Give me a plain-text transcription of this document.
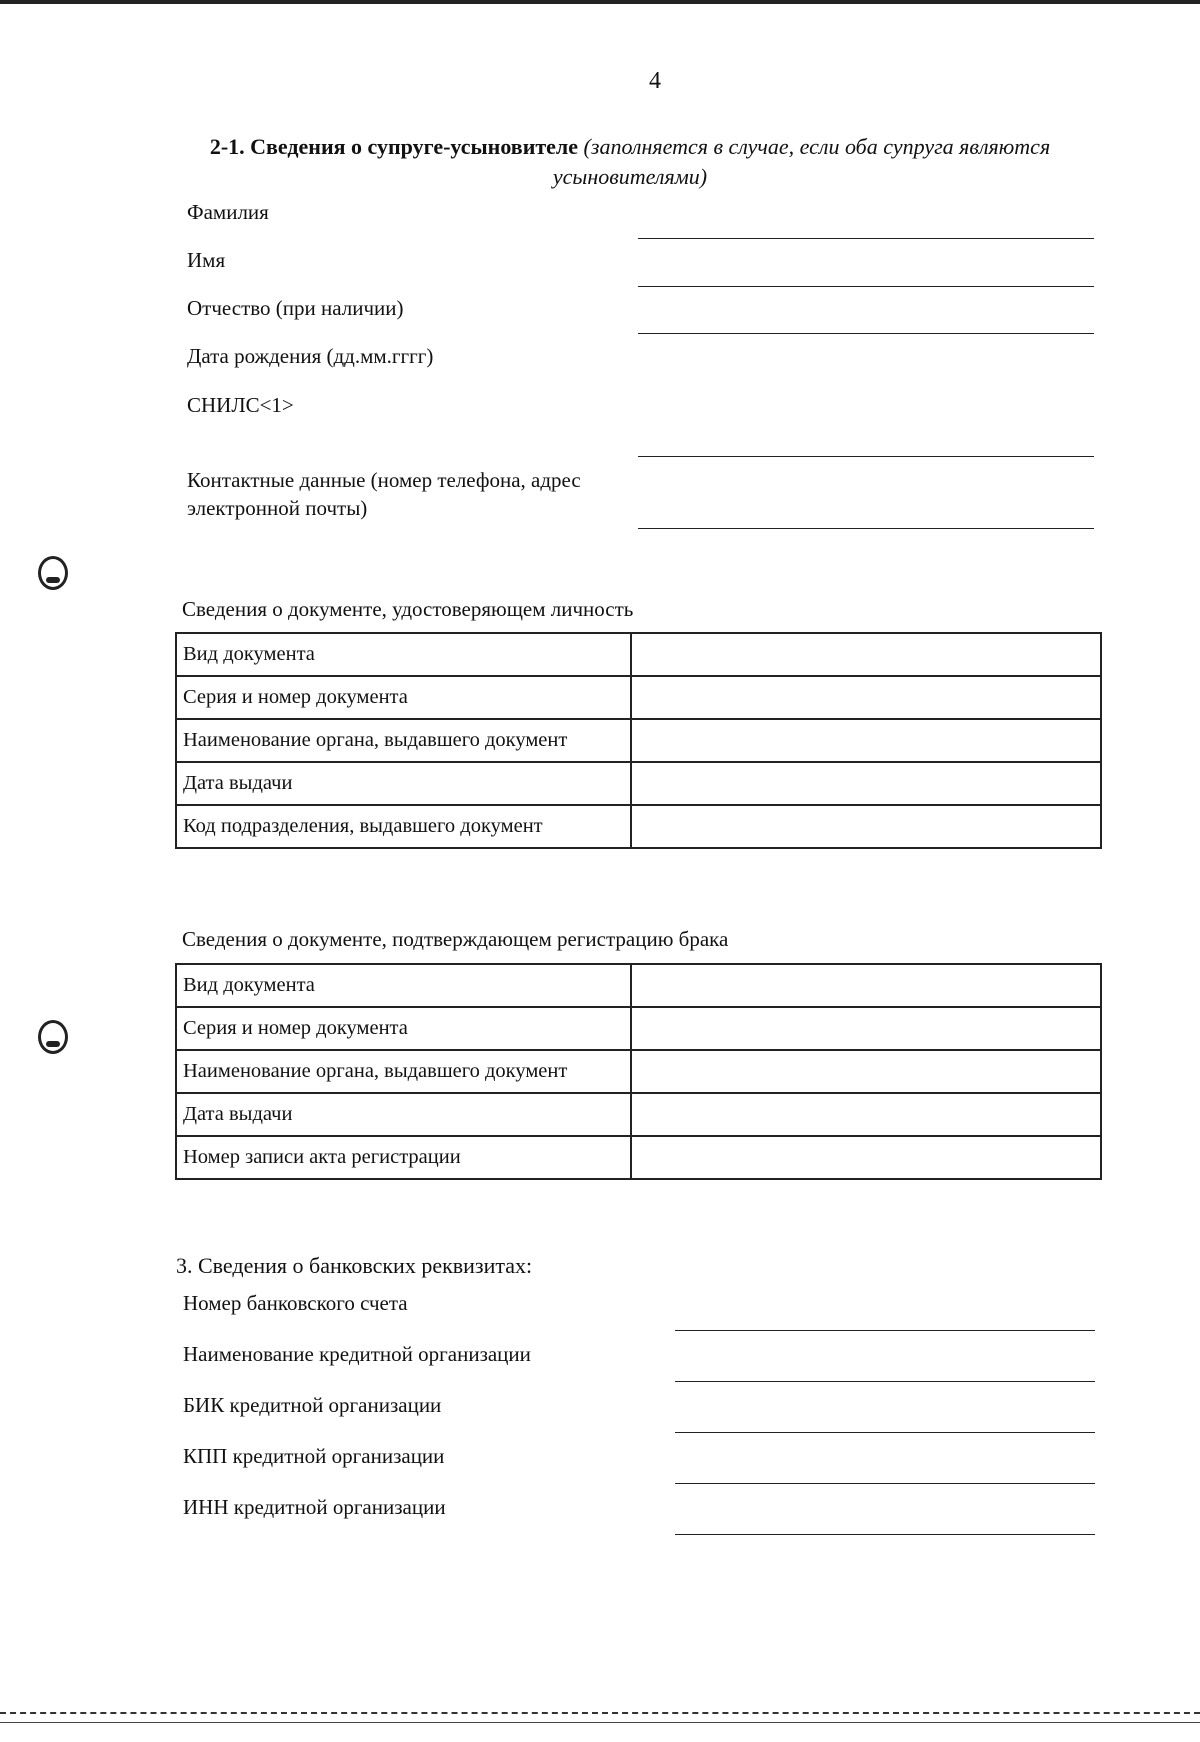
4
2-1. Сведения о супруге-усыновителе (заполняется в случае, если оба супруга являются усыновителями)
Фамилия
Имя
Отчество (при наличии)
Дата рождения (дд.мм.гггг)
СНИЛС<1>
Контактные данные (номер телефона, адрес электронной почты)
Сведения о документе, удостоверяющем личность
Вид документа	
Серия и номер документа	
Наименование органа, выдавшего документ	
Дата выдачи	
Код подразделения, выдавшего документ	
Сведения о документе, подтверждающем регистрацию брака
Вид документа	
Серия и номер документа	
Наименование органа, выдавшего документ	
Дата выдачи	
Номер записи акта регистрации	
3. Сведения о банковских реквизитах:
Номер банковского счета
Наименование кредитной организации
БИК кредитной организации
КПП кредитной организации
ИНН кредитной организации
